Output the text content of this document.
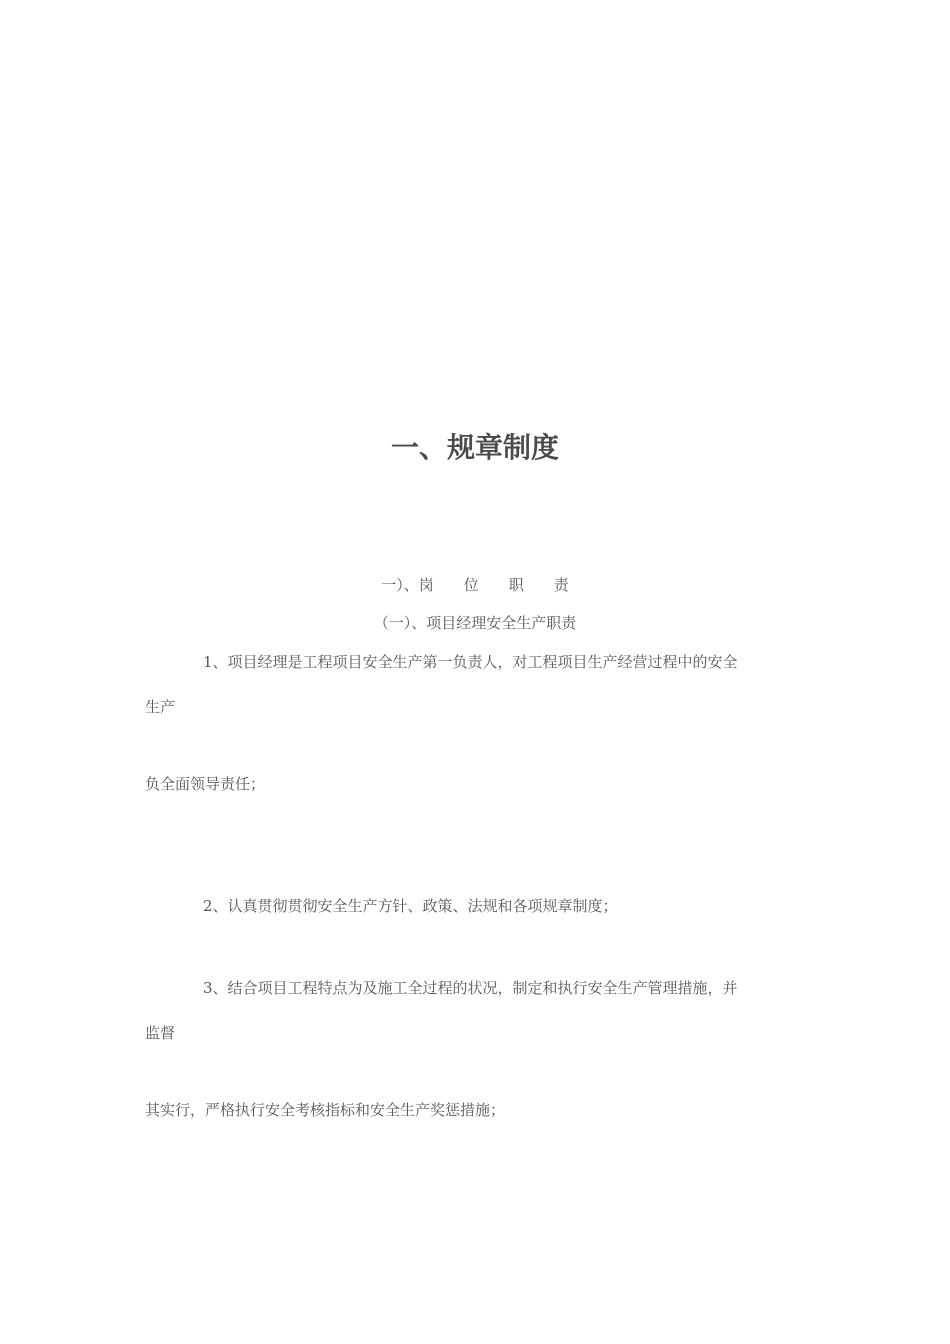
一、规章制度
一）、岗　　位　　职　　责
（一）、项目经理安全生产职责
1、项目经理是工程项目安全生产第一负责人，对工程项目生产经营过程中的安全
生产
负全面领导责任；
2、认真贯彻贯彻安全生产方针、政策、法规和各项规章制度；
3、结合项目工程特点为及施工全过程的状况，制定和执行安全生产管理措施，并
监督
其实行，严格执行安全考核指标和安全生产奖惩措施；
